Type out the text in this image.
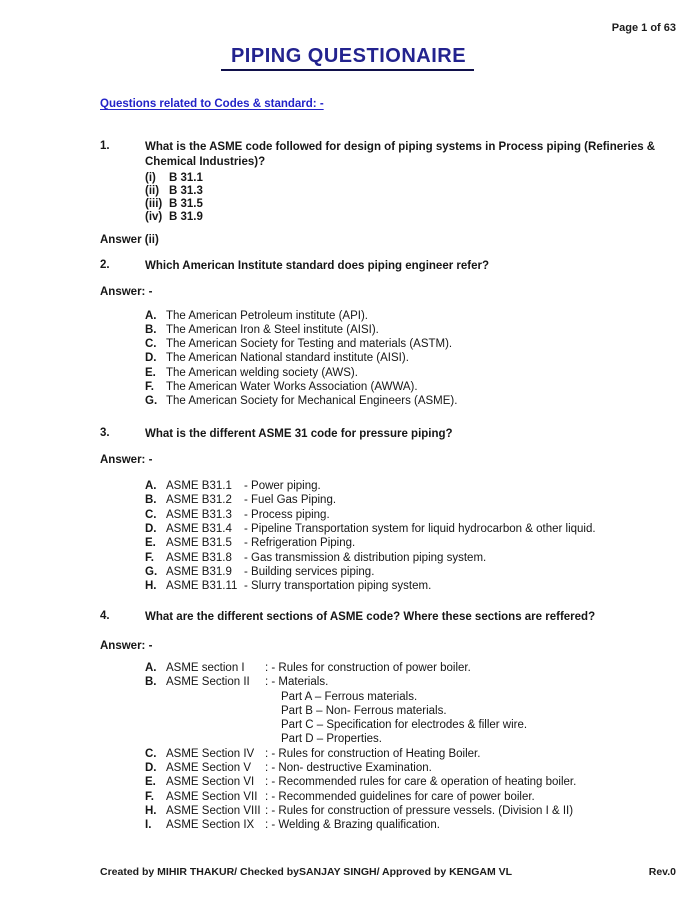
Page 1 of 63
PIPING QUESTIONAIRE
Questions related to Codes & standard: -
1.	What is the ASME code followed for design of piping systems in Process piping (Refineries & Chemical Industries)?
(i)	B 31.1
(ii) B 31.3
(iii) B 31.5
(iv) B 31.9
Answer (ii)
2.	Which American Institute standard does piping engineer refer?
Answer: -
A. The American Petroleum institute (API).
B. The American Iron & Steel institute (AISI).
C. The American Society for Testing and materials (ASTM).
D. The American National standard institute (AISI).
E. The American welding society (AWS).
F.	The American Water Works Association (AWWA).
G. The American Society for Mechanical Engineers (ASME).
3.	What is the different ASME 31 code for pressure piping?
Answer: -
A. ASME B31.1	- Power piping.
B. ASME B31.2	- Fuel Gas Piping.
C. ASME B31.3	- Process piping.
D. ASME B31.4	- Pipeline Transportation system for liquid hydrocarbon & other liquid.
E. ASME B31.5	- Refrigeration Piping.
F.	ASME B31.8	- Gas transmission & distribution piping system.
G. ASME B31.9	- Building services piping.
H. ASME B31.11 - Slurry transportation piping system.
4.	What are the different sections of ASME code? Where these sections are reffered?
Answer: -
A. ASME section I	: - Rules for construction of power boiler.
B. ASME Section II	: - Materials.
Part A – Ferrous materials.
Part B – Non- Ferrous materials.
Part C – Specification for electrodes & filler wire.
Part D – Properties.
C. ASME Section IV : - Rules for construction of Heating Boiler.
D. ASME Section V	: - Non- destructive Examination.
E. ASME Section VI : - Recommended rules for care & operation of heating boiler.
F.	ASME Section VII : - Recommended guidelines for care of power boiler.
H. ASME Section VIII : - Rules for construction of pressure vessels. (Division I & II)
I.	ASME Section IX : - Welding & Brazing qualification.
Created by MIHIR THAKUR/ Checked bySANJAY SINGH/ Approved by KENGAM VL	Rev.0
